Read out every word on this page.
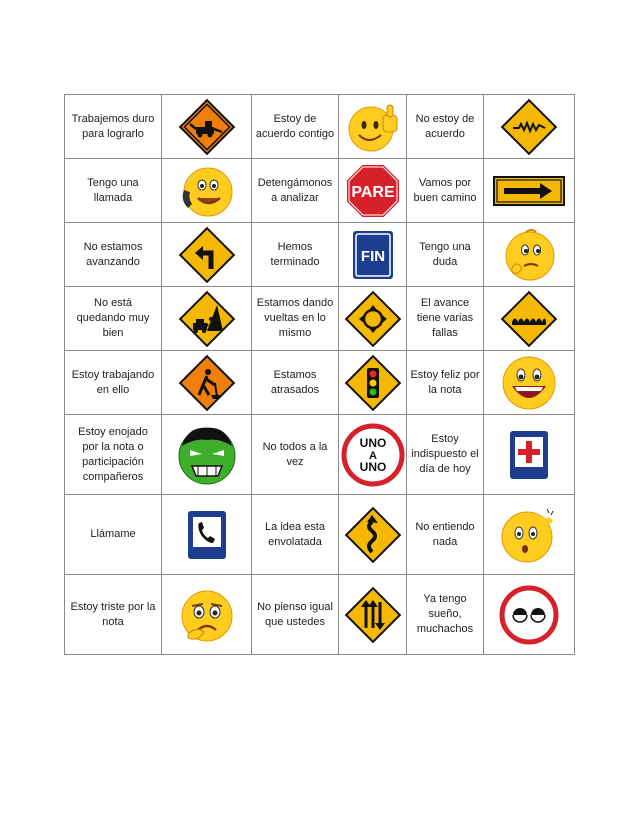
Trabajemos duro
para lograrlo		Estoy de
acuerdo contigo		No estoy de
acuerdo

Tengo una
llamada		Detengámonos
a analizar	PARE	Vamos por
buen camino

No estamos
avanzando		Hemos
terminado	FIN	Tengo una
duda

No está
quedando muy
bien		Estamos dando
vueltas en lo
mismo		El avance
tiene varias
fallas

Estoy trabajando
en ello		Estamos
atrasados		Estoy feliz por
la nota

Estoy enojado
por la nota o
participación
compañeros		No todos a la
vez	UNO
A
UNO	Estoy
indispuesto el
día de hoy

Llámame		La idea esta
envolatada		No entiendo
nada

Estoy triste por la
nota		No pienso igual
que ustedes		Ya tengo
sueño,
muchachos
